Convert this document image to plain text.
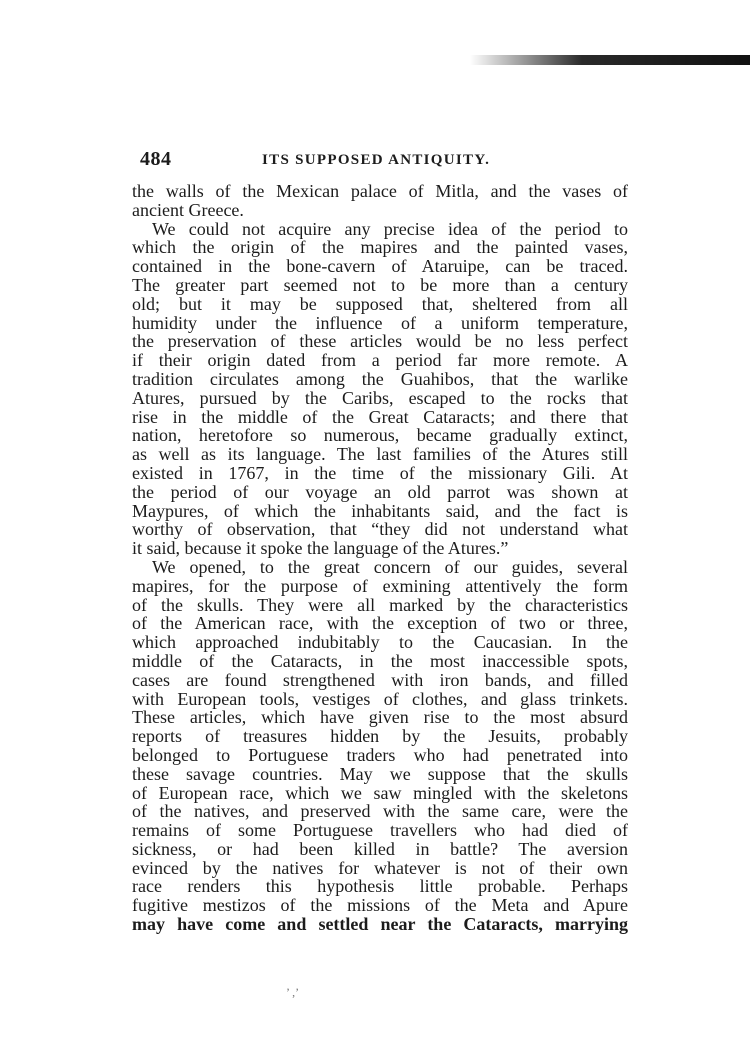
484	ITS SUPPOSED ANTIQUITY.
the walls of the Mexican palace of Mitla, and the vases of
ancient Greece.
We could not acquire any precise idea of the period to
which the origin of the mapires and the painted vases,
contained in the bone-cavern of Ataruipe, can be traced.
The greater part seemed not to be more than a century
old; but it may be supposed that, sheltered from all
humidity under the influence of a uniform temperature,
the preservation of these articles would be no less perfect
if their origin dated from a period far more remote. A
tradition circulates among the Guahibos, that the warlike
Atures, pursued by the Caribs, escaped to the rocks that
rise in the middle of the Great Cataracts; and there that
nation, heretofore so numerous, became gradually extinct,
as well as its language. The last families of the Atures still
existed in 1767, in the time of the missionary Gili. At
the period of our voyage an old parrot was shown at
Maypures, of which the inhabitants said, and the fact is
worthy of observation, that “they did not understand what
it said, because it spoke the language of the Atures.”
We opened, to the great concern of our guides, several
mapires, for the purpose of exmining attentively the form
of the skulls. They were all marked by the characteristics
of the American race, with the exception of two or three,
which approached indubitably to the Caucasian. In the
middle of the Cataracts, in the most inaccessible spots,
cases are found strengthened with iron bands, and filled
with European tools, vestiges of clothes, and glass trinkets.
These articles, which have given rise to the most absurd
reports of treasures hidden by the Jesuits, probably
belonged to Portuguese traders who had penetrated into
these savage countries. May we suppose that the skulls
of European race, which we saw mingled with the skeletons
of the natives, and preserved with the same care, were the
remains of some Portuguese travellers who had died of
sickness, or had been killed in battle? The aversion
evinced by the natives for whatever is not of their own
race renders this hypothesis little probable. Perhaps
fugitive mestizos of the missions of the Meta and Apure
may have come and settled near the Cataracts, marrying
’ ,’
